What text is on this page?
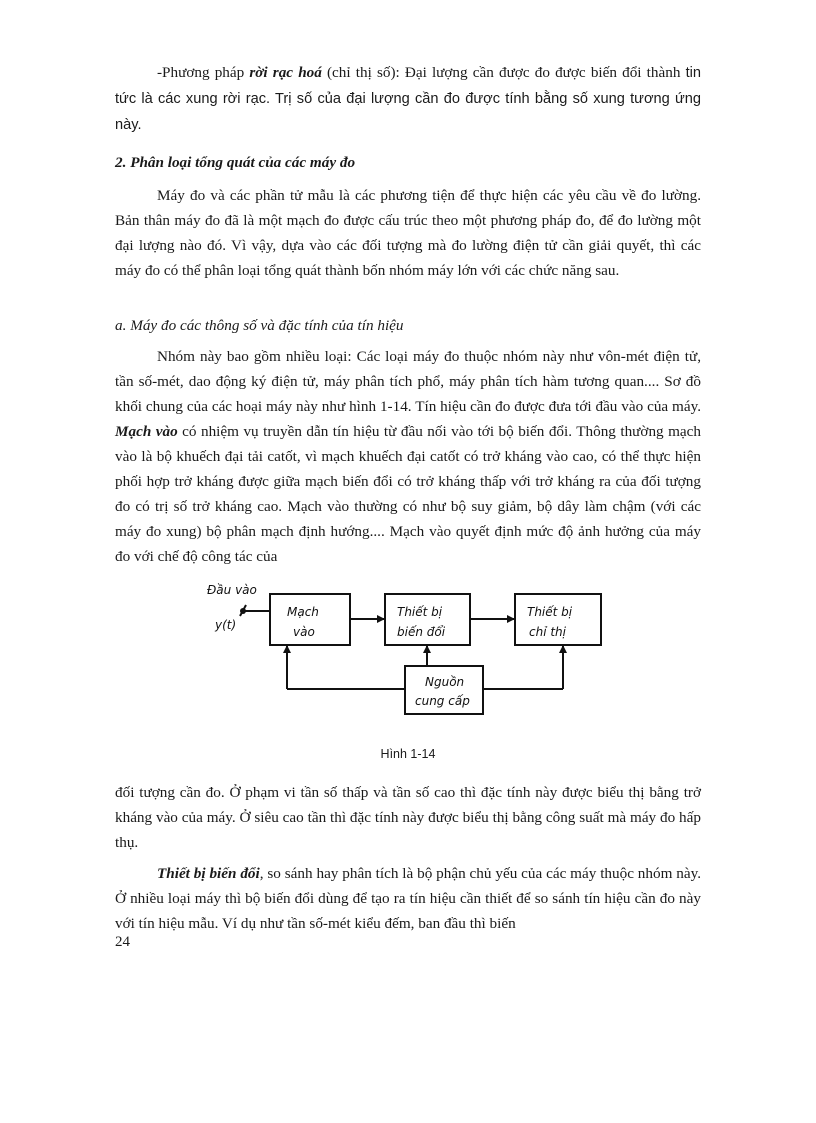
-Phương pháp rời rạc hoá (chỉ thị số): Đại lượng cần được đo được biến đổi thành tin tức là các xung rời rạc. Trị số của đại lượng cần đo được tính bằng số xung tương ứng này.

2. Phân loại tổng quát của các máy đo

Máy đo và các phần tử mẫu là các phương tiện để thực hiện các yêu cầu về đo lường. Bản thân máy đo đã là một mạch đo được cấu trúc theo một phương pháp đo, để đo lường một đại lượng nào đó. Vì vậy, dựa vào các đối tượng mà đo lường điện tử cần giải quyết, thì các máy đo có thể phân loại tổng quát thành bốn nhóm máy lớn với các chức năng sau.

a. Máy đo các thông số và đặc tính của tín hiệu

Nhóm này bao gồm nhiều loại: Các loại máy đo thuộc nhóm này như vôn-mét điện tử, tần số-mét, dao động ký điện tử, máy phân tích phổ, máy phân tích hàm tương quan.... Sơ đồ khối chung của các hoại máy này như hình 1-14. Tín hiệu cần đo được đưa tới đầu vào của máy. Mạch vào có nhiệm vụ truyền dẫn tín hiệu từ đầu nối vào tới bộ biến đổi. Thông thường mạch vào là bộ khuếch đại tải catốt, vì mạch khuếch đại catốt có trở kháng vào cao, có thể thực hiện phối hợp trở kháng được giữa mạch biến đổi có trở kháng thấp với trở kháng ra của đối tượng đo có trị số trở kháng cao. Mạch vào thường có như bộ suy giảm, bộ dây làm chậm (với các máy đo xung) bộ phân mạch định hướng.... Mạch vào quyết định mức độ ảnh hưởng của máy đo với chế độ công tác của

Đầu vào
y(t)
Mạch
vào
Thiết bị
biến đổi
Thiết bị
chỉ thị
Nguồn
cung cấp
Hình 1-14

đối tượng cần đo. Ở phạm vi tần số thấp và tần số cao thì đặc tính này được biểu thị bằng trở kháng vào của máy. Ở siêu cao tần thì đặc tính này được biểu thị bằng công suất mà máy đo hấp thụ.

Thiết bị biến đổi, so sánh hay phân tích là bộ phận chủ yếu của các máy thuộc nhóm này. Ở nhiều loại máy thì bộ biến đổi dùng để tạo ra tín hiệu cần thiết để so sánh tín hiệu cần đo này với tín hiệu mẫu. Ví dụ như tần số-mét kiểu đếm, ban đầu thì biến

24
